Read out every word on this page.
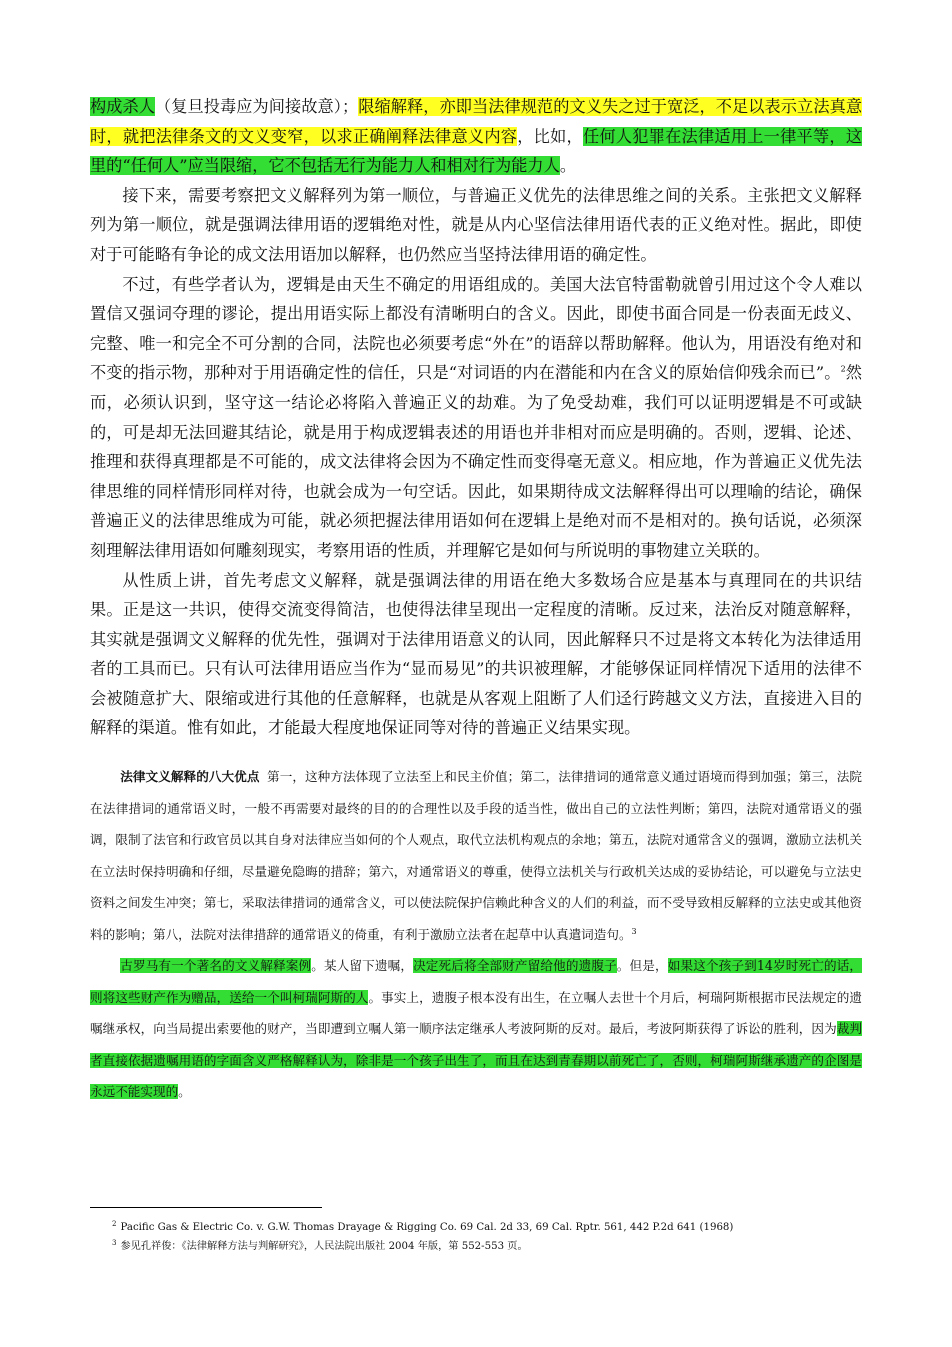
构成杀人（复旦投毒应为间接故意）；限缩解释，亦即当法律规范的文义失之过于宽泛，不足以表示立法真意时，就把法律条文的文义变窄，以求正确阐释法律意义内容，比如，任何人犯罪在法律适用上一律平等，这里的“任何人”应当限缩，它不包括无行为能力人和相对行为能力人。

接下来，需要考察把文义解释列为第一顺位，与普遍正义优先的法律思维之间的关系。主张把文义解释列为第一顺位，就是强调法律用语的逻辑绝对性，就是从内心坚信法律用语代表的正义绝对性。据此，即使对于可能略有争论的成文法用语加以解释，也仍然应当坚持法律用语的确定性。

不过，有些学者认为，逻辑是由天生不确定的用语组成的。美国大法官特雷勒就曾引用过这个令人难以置信又强词夺理的谬论，提出用语实际上都没有清晰明白的含义。因此，即使书面合同是一份表面无歧义、完整、唯一和完全不可分割的合同，法院也必须要考虑“外在”的语辞以帮助解释。他认为，用语没有绝对和不变的指示物，那种对于用语确定性的信任，只是“对词语的内在潜能和内在含义的原始信仰残余而已”。$^2$然而，必须认识到，坚守这一结论必将陷入普遍正义的劫难。为了免受劫难，我们可以证明逻辑是不可或缺的，可是却无法回避其结论，就是用于构成逻辑表述的用语也并非相对而应是明确的。否则，逻辑、论述、推理和获得真理都是不可能的，成文法律将会因为不确定性而变得毫无意义。相应地，作为普遍正义优先法律思维的同样情形同样对待，也就会成为一句空话。因此，如果期待成文法解释得出可以理喻的结论，确保普遍正义的法律思维成为可能，就必须把握法律用语如何在逻辑上是绝对而不是相对的。换句话说，必须深刻理解法律用语如何雕刻现实，考察用语的性质，并理解它是如何与所说明的事物建立关联的。

从性质上讲，首先考虑文义解释，就是强调法律的用语在绝大多数场合应是基本与真理同在的共识结果。正是这一共识，使得交流变得简洁，也使得法律呈现出一定程度的清晰。反过来，法治反对随意解释，其实就是强调文义解释的优先性，强调对于法律用语意义的认同，因此解释只不过是将文本转化为法律适用者的工具而已。只有认可法律用语应当作为“显而易见”的共识被理解，才能够保证同样情况下适用的法律不会被随意扩大、限缩或进行其他的任意解释，也就是从客观上阻断了人们迳行跨越文义方法，直接进入目的解释的渠道。惟有如此，才能最大程度地保证同等对待的普遍正义结果实现。

法律文义解释的八大优点 第一，这种方法体现了立法至上和民主价值；第二，法律措词的通常意义通过语境而得到加强；第三，法院在法律措词的通常语义时，一般不再需要对最终的目的的合理性以及手段的适当性，做出自己的立法性判断；第四，法院对通常语义的强调，限制了法官和行政官员以其自身对法律应当如何的个人观点，取代立法机构观点的余地；第五，法院对通常含义的强调，激励立法机关在立法时保持明确和仔细，尽量避免隐晦的措辞；第六，对通常语义的尊重，使得立法机关与行政机关达成的妥协结论，可以避免与立法史资料之间发生冲突；第七，采取法律措词的通常含义，可以使法院保护信赖此种含义的人们的利益，而不受导致相反解释的立法史或其他资料的影响；第八，法院对法律措辞的通常语义的倚重，有利于激励立法者在起草中认真遣词造句。$^3$

古罗马有一个著名的文义解释案例。某人留下遗嘱，决定死后将全部财产留给他的遗腹子。但是，如果这个孩子到14岁时死亡的话，则将这些财产作为赠品，送给一个叫柯瑞阿斯的人。事实上，遗腹子根本没有出生，在立嘱人去世十个月后，柯瑞阿斯根据市民法规定的遗嘱继承权，向当局提出索要他的财产，当即遭到立嘱人第一顺序法定继承人考波阿斯的反对。最后，考波阿斯获得了诉讼的胜利，因为裁判者直接依据遗嘱用语的字面含义严格解释认为，除非是一个孩子出生了，而且在达到青春期以前死亡了，否则，柯瑞阿斯继承遗产的企图是永远不能实现的。

$^2$ Pacific Gas & Electric Co. v. G.W. Thomas Drayage & Rigging Co. 69 Cal. 2d 33, 69 Cal. Rptr. 561, 442 P.2d 641 (1968)

$^3$ 参见孔祥俊：《法律解释方法与判解研究》，人民法院出版社 2004 年版，第 552-553 页。
